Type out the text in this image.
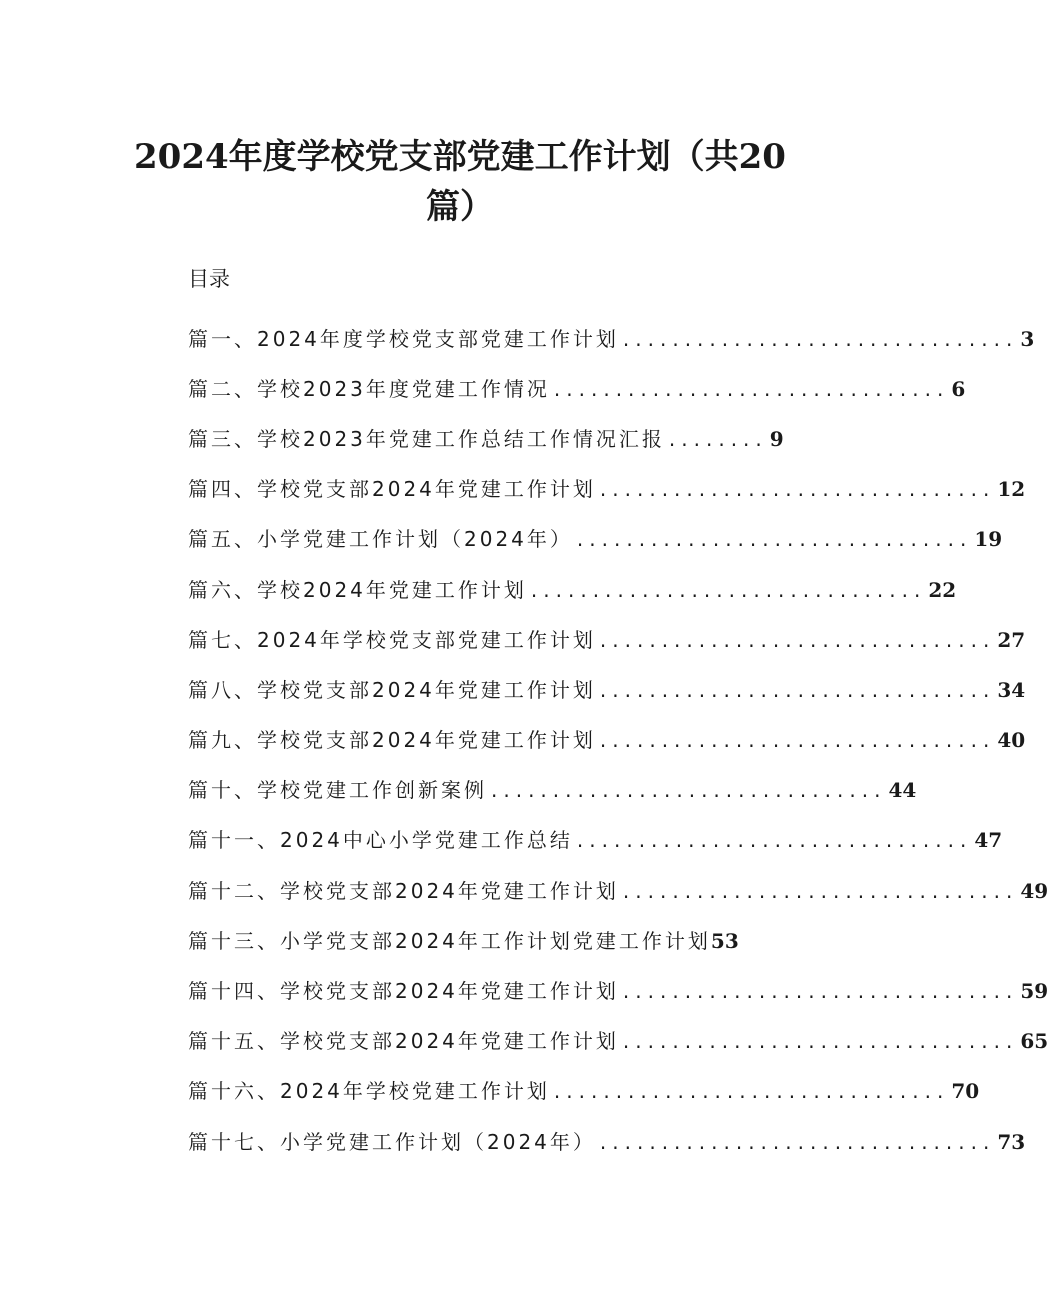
2024年度学校党支部党建工作计划（共20篇）
目录
篇一、2024年度学校党支部党建工作计划 ................................ 3
篇二、学校2023年度党建工作情况 ................................ 6
篇三、学校2023年党建工作总结工作情况汇报 ........ 9
篇四、学校党支部2024年党建工作计划 ................................ 12
篇五、小学党建工作计划（2024年） ................................ 19
篇六、学校2024年党建工作计划 ................................ 22
篇七、2024年学校党支部党建工作计划 ................................ 27
篇八、学校党支部2024年党建工作计划 ................................ 34
篇九、学校党支部2024年党建工作计划 ................................ 40
篇十、学校党建工作创新案例 ................................ 44
篇十一、2024中心小学党建工作总结 ................................ 47
篇十二、学校党支部2024年党建工作计划 ................................ 49
篇十三、小学党支部2024年工作计划党建工作计划 53
篇十四、学校党支部2024年党建工作计划 ................................ 59
篇十五、学校党支部2024年党建工作计划 ................................ 65
篇十六、2024年学校党建工作计划 ................................ 70
篇十七、小学党建工作计划（2024年） ................................ 73
